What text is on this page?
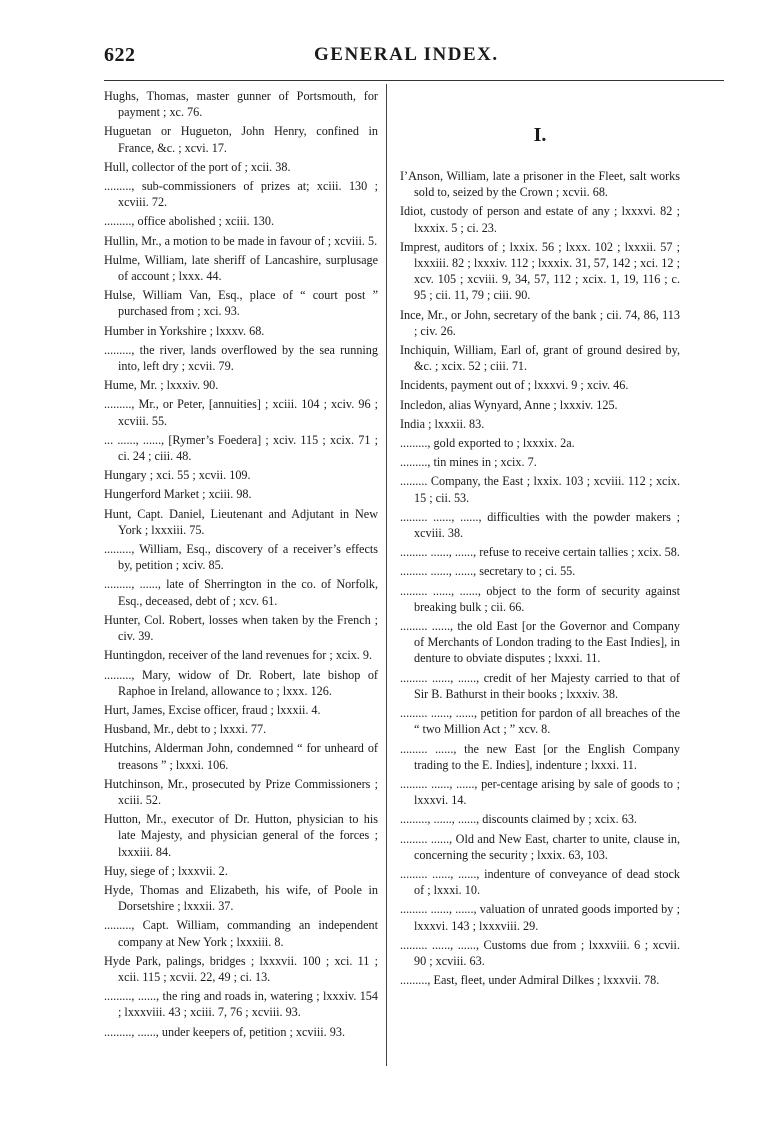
622	GENERAL INDEX.
Hughs, Thomas, master gunner of Portsmouth, for payment ; xc. 76.
Huguetan or Hugueton, John Henry, confined in France, &c. ; xcvi. 17.
Hull, collector of the port of ; xcii. 38.
........., sub-commissioners of prizes at; xciii. 130 ; xcviii. 72.
........., office abolished ; xciii. 130.
Hullin, Mr., a motion to be made in favour of ; xcviii. 5.
Hulme, William, late sheriff of Lancashire, surplusage of account ; lxxx. 44.
Hulse, William Van, Esq., place of “ court post ” purchased from ; xci. 93.
Humber in Yorkshire ; lxxxv. 68.
........., the river, lands overflowed by the sea running into, left dry ; xcvii. 79.
Hume, Mr. ; lxxxiv. 90.
........., Mr., or Peter, [annuities] ; xciii. 104 ; xciv. 96 ; xcviii. 55.
... ......, ......, [Rymer’s Foedera] ; xciv. 115 ; xcix. 71 ; ci. 24 ; ciii. 48.
Hungary ; xci. 55 ; xcvii. 109.
Hungerford Market ; xciii. 98.
Hunt, Capt. Daniel, Lieutenant and Adjutant in New York ; lxxxiii. 75.
........., William, Esq., discovery of a receiver’s effects by, petition ; xciv. 85.
........., ......, late of Sherrington in the co. of Norfolk, Esq., deceased, debt of ; xcv. 61.
Hunter, Col. Robert, losses when taken by the French ; civ. 39.
Huntingdon, receiver of the land revenues for ; xcix. 9.
........., Mary, widow of Dr. Robert, late bishop of Raphoe in Ireland, allowance to ; lxxx. 126.
Hurt, James, Excise officer, fraud ; lxxxii. 4.
Husband, Mr., debt to ; lxxxi. 77.
Hutchins, Alderman John, condemned “ for unheard of treasons ” ; lxxxi. 106.
Hutchinson, Mr., prosecuted by Prize Commissioners ; xciii. 52.
Hutton, Mr., executor of Dr. Hutton, physician to his late Majesty, and physician general of the forces ; lxxxiii. 84.
Huy, siege of ; lxxxvii. 2.
Hyde, Thomas and Elizabeth, his wife, of Poole in Dorsetshire ; lxxxii. 37.
........., Capt. William, commanding an independent company at New York ; lxxxiii. 8.
Hyde Park, palings, bridges ; lxxxvii. 100 ; xci. 11 ; xcii. 115 ; xcvii. 22, 49 ; ci. 13.
........., ......, the ring and roads in, watering ; lxxxiv. 154 ; lxxxviii. 43 ; xciii. 7, 76 ; xcviii. 93.
........., ......, under keepers of, petition ; xcviii. 93.
I.
I’Anson, William, late a prisoner in the Fleet, salt works sold to, seized by the Crown ; xcvii. 68.
Idiot, custody of person and estate of any ; lxxxvi. 82 ; lxxxix. 5 ; ci. 23.
Imprest, auditors of ; lxxix. 56 ; lxxx. 102 ; lxxxii. 57 ; lxxxiii. 82 ; lxxxiv. 112 ; lxxxix. 31, 57, 142 ; xci. 12 ; xcv. 105 ; xcviii. 9, 34, 57, 112 ; xcix. 1, 19, 116 ; c. 95 ; cii. 11, 79 ; ciii. 90.
Ince, Mr., or John, secretary of the bank ; cii. 74, 86, 113 ; civ. 26.
Inchiquin, William, Earl of, grant of ground desired by, &c. ; xcix. 52 ; ciii. 71.
Incidents, payment out of ; lxxxvi. 9 ; xciv. 46.
Incledon, alias Wynyard, Anne ; lxxxiv. 125.
India ; lxxxii. 83.
........., gold exported to ; lxxxix. 2a.
........., tin mines in ; xcix. 7.
......... Company, the East ; lxxix. 103 ; xcviii. 112 ; xcix. 15 ; cii. 53.
......... ......, ......, difficulties with the powder makers ; xcviii. 38.
......... ......, ......, refuse to receive certain tallies ; xcix. 58.
......... ......, ......, secretary to ; ci. 55.
......... ......, ......, object to the form of security against breaking bulk ; cii. 66.
......... ......, the old East [or the Governor and Company of Merchants of London trading to the East Indies], in denture to obviate disputes ; lxxxi. 11.
......... ......, ......, credit of her Majesty carried to that of Sir B. Bathurst in their books ; lxxxiv. 38.
......... ......, ......, petition for pardon of all breaches of the “ two Million Act ; ” xcv. 8.
......... ......, the new East [or the English Company trading to the E. Indies], indenture ; lxxxi. 11.
......... ......, ......, per-centage arising by sale of goods to ; lxxxvi. 14.
........., ......, ......, discounts claimed by ; xcix. 63.
......... ......, Old and New East, charter to unite, clause in, concerning the security ; lxxix. 63, 103.
......... ......, ......, indenture of conveyance of dead stock of ; lxxxi. 10.
......... ......, ......, valuation of unrated goods imported by ; lxxxvi. 143 ; lxxxviii. 29.
......... ......, ......, Customs due from ; lxxxviii. 6 ; xcvii. 90 ; xcviii. 63.
........., East, fleet, under Admiral Dilkes ; lxxxvii. 78.
